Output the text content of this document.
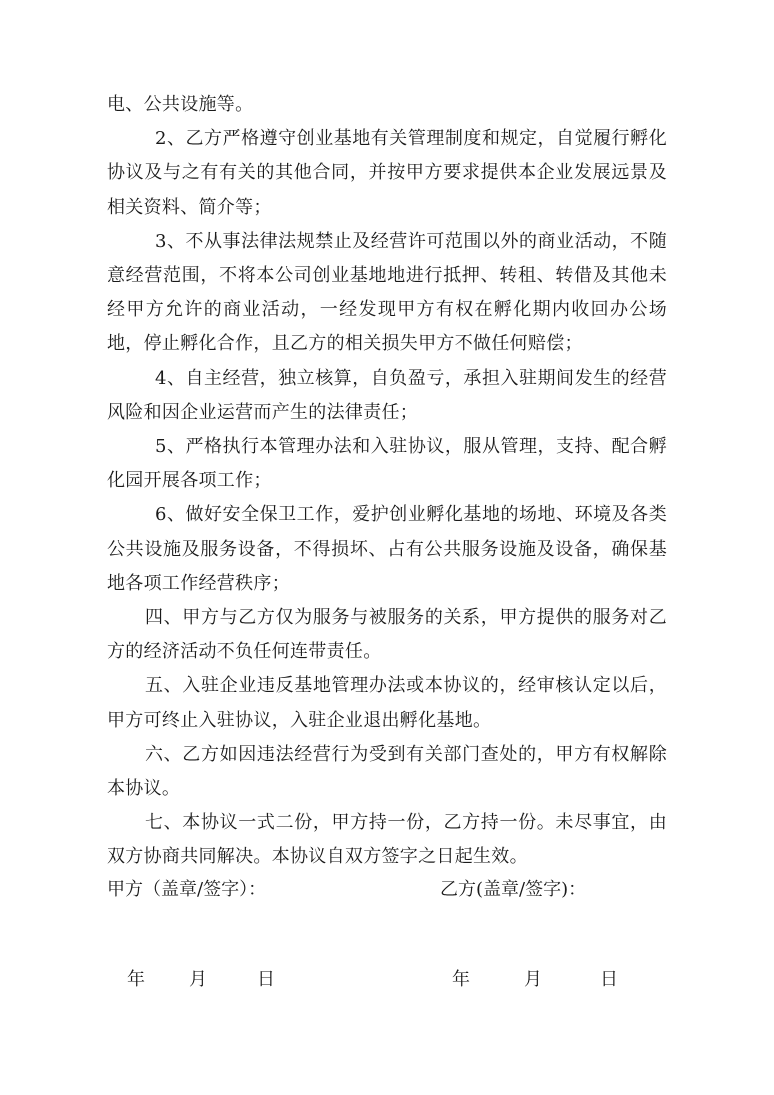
电、公共设施等。

2、乙方严格遵守创业基地有关管理制度和规定，自觉履行孵化协议及与之有有关的其他合同，并按甲方要求提供本企业发展远景及相关资料、简介等；

3、不从事法律法规禁止及经营许可范围以外的商业活动，不随意经营范围，不将本公司创业基地地进行抵押、转租、转借及其他未经甲方允许的商业活动，一经发现甲方有权在孵化期内收回办公场地，停止孵化合作，且乙方的相关损失甲方不做任何赔偿；

4、自主经营，独立核算，自负盈亏，承担入驻期间发生的经营风险和因企业运营而产生的法律责任；

5、严格执行本管理办法和入驻协议，服从管理，支持、配合孵化园开展各项工作；

6、做好安全保卫工作，爱护创业孵化基地的场地、环境及各类公共设施及服务设备，不得损坏、占有公共服务设施及设备，确保基地各项工作经营秩序；

四、甲方与乙方仅为服务与被服务的关系，甲方提供的服务对乙方的经济活动不负任何连带责任。

五、入驻企业违反基地管理办法或本协议的，经审核认定以后，甲方可终止入驻协议，入驻企业退出孵化基地。

六、乙方如因违法经营行为受到有关部门查处的，甲方有权解除本协议。

七、本协议一式二份，甲方持一份，乙方持一份。未尽事宜，由双方协商共同解决。本协议自双方签字之日起生效。

甲方（盖章/签字）：	乙方(盖章/签字)：
年 月	日	年	月	日
